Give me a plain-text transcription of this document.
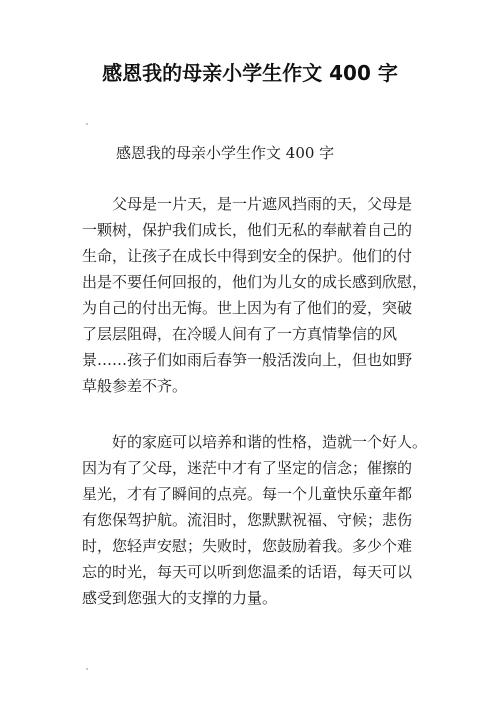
感恩我的母亲小学生作文 400 字

感恩我的母亲小学生作文 400 字

父母是一片天，是一片遮风挡雨的天，父母是
一颗树，保护我们成长，他们无私的奉献着自己的
生命，让孩子在成长中得到安全的保护。他们的付
出是不要任何回报的，他们为儿女的成长感到欣慰，
为自己的付出无悔。世上因为有了他们的爱，突破
了层层阻碍，在冷暖人间有了一方真情挚信的风
景……孩子们如雨后春笋一般活泼向上，但也如野
草般参差不齐。
好的家庭可以培养和谐的性格，造就一个好人。
因为有了父母，迷茫中才有了坚定的信念；催擦的
星光，才有了瞬间的点亮。每一个儿童快乐童年都
有您保驾护航。流泪时，您默默祝福、守候；悲伤
时，您轻声安慰；失败时，您鼓励着我。多少个难
忘的时光，每天可以听到您温柔的话语，每天可以
感受到您强大的支撑的力量。
